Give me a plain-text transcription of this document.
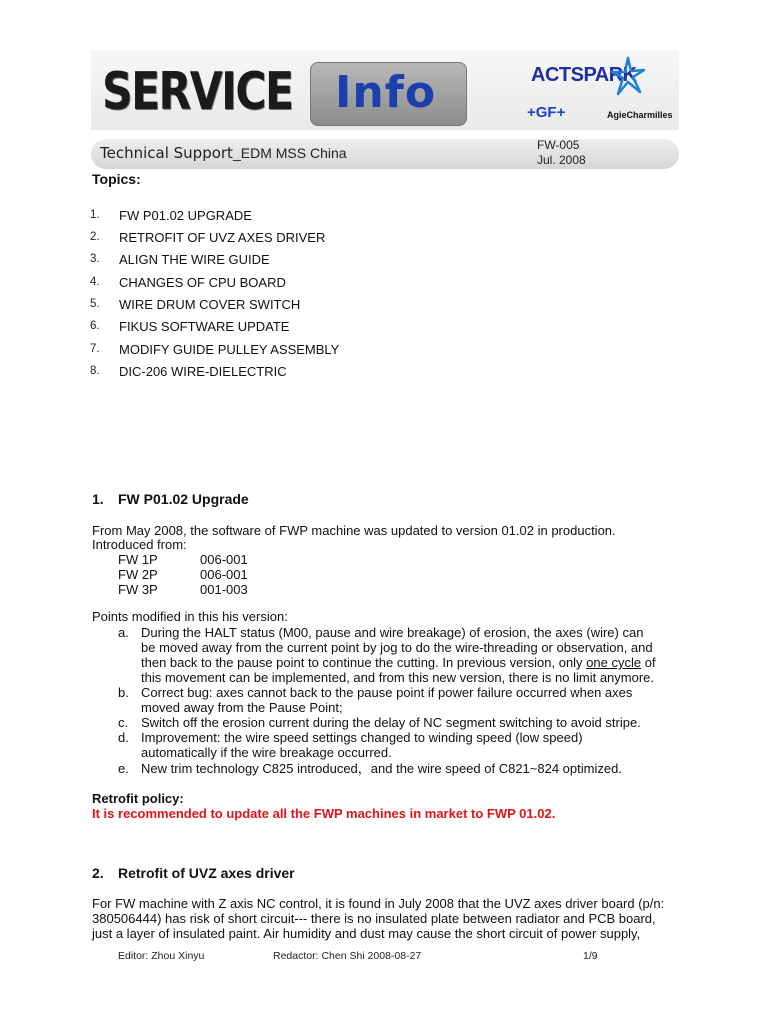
SERVICE Info	ACTSPARK
+GF+	AgieCharmilles
Technical Support_EDM MSS China	FW-005
Jul. 2008
Topics:
1. FW P01.02 UPGRADE
2. RETROFIT OF UVZ AXES DRIVER
3. ALIGN THE WIRE GUIDE
4. CHANGES OF CPU BOARD
5. WIRE DRUM COVER SWITCH
6. FIKUS SOFTWARE UPDATE
7. MODIFY GUIDE PULLEY ASSEMBLY
8. DIC-206 WIRE-DIELECTRIC
1. FW P01.02 Upgrade
From May 2008, the software of FWP machine was updated to version 01.02 in production.
Introduced from:
FW 1P	006-001
FW 2P	006-001
FW 3P	001-003
Points modified in this his version:
a. During the HALT status (M00, pause and wire breakage) of erosion, the axes (wire) can
be moved away from the current point by jog to do the wire-threading or observation, and
then back to the pause point to continue the cutting. In previous version, only one cycle of
this movement can be implemented, and from this new version, there is no limit anymore.
b. Correct bug: axes cannot back to the pause point if power failure occurred when axes
moved away from the Pause Point;
c. Switch off the erosion current during the delay of NC segment switching to avoid stripe.
d. Improvement: the wire speed settings changed to winding speed (low speed)
automatically if the wire breakage occurred.
e. New trim technology C825 introduced，and the wire speed of C821~824 optimized.
Retrofit policy:
It is recommended to update all the FWP machines in market to FWP 01.02.
2. Retrofit of UVZ axes driver
For FW machine with Z axis NC control, it is found in July 2008 that the UVZ axes driver board (p/n:
380506444) has risk of short circuit--- there is no insulated plate between radiator and PCB board,
just a layer of insulated paint. Air humidity and dust may cause the short circuit of power supply,
Editor: Zhou Xinyu	Redactor: Chen Shi 2008-08-27	1/9
